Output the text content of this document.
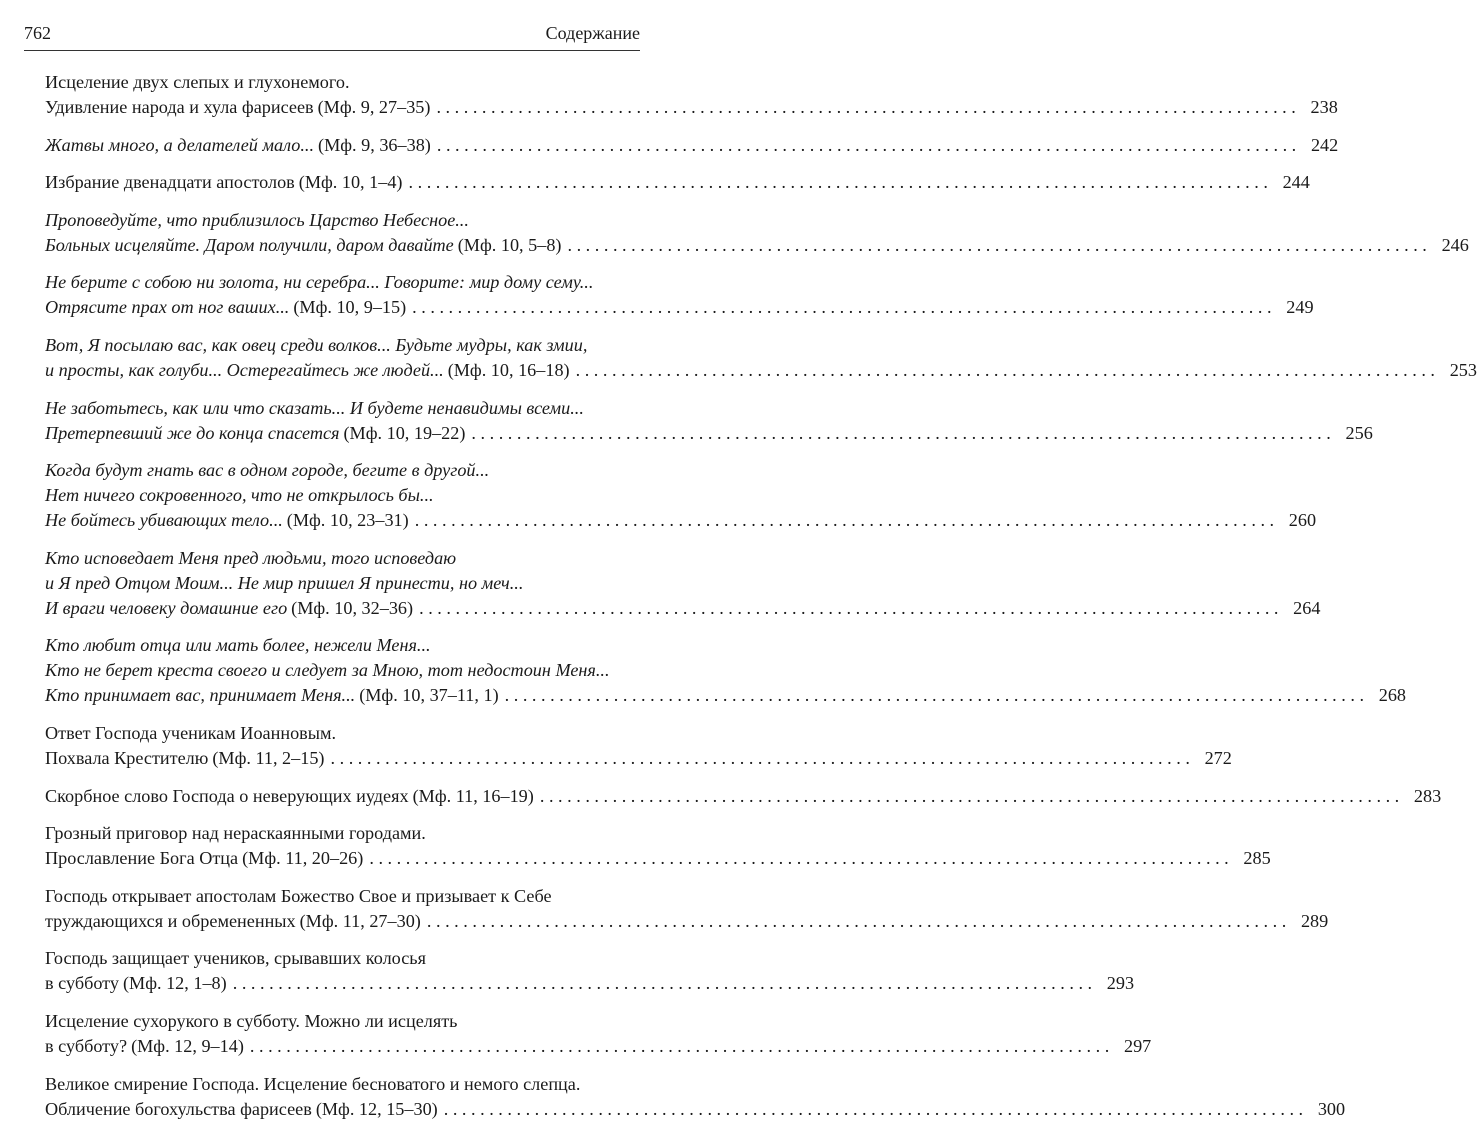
762	Содержание
Исцеление двух слепых и глухонемого.
Удивление народа и хула фарисеев (Мф. 9, 27–35) . . .	238
Жатвы много, а делателей мало... (Мф. 9, 36–38) . . .	242
Избрание двенадцати апостолов (Мф. 10, 1–4) . . .	244
Проповедуйте, что приблизилось Царство Небесное...
Больных исцеляйте. Даром получили, даром давайте (Мф. 10, 5–8) . . .	246
Не берите с собою ни золота, ни серебра... Говорите: мир дому сему...
Отрясите прах от ног ваших... (Мф. 10, 9–15) . . .	249
Вот, Я посылаю вас, как овец среди волков... Будьте мудры, как змии,
и просты, как голуби... Остерегайтесь же людей... (Мф. 10, 16–18) . . .	253
Не заботьтесь, как или что сказать... И будете ненавидимы всеми...
Претерпевший же до конца спасется (Мф. 10, 19–22) . . .	256
Когда будут гнать вас в одном городе, бегите в другой...
Нет ничего сокровенного, что не открылось бы...
Не бойтесь убивающих тело... (Мф. 10, 23–31) . . .	260
Кто исповедает Меня пред людьми, того исповедаю
и Я пред Отцом Моим... Не мир пришел Я принести, но меч...
И враги человеку домашние его (Мф. 10, 32–36) . . .	264
Кто любит отца или мать более, нежели Меня...
Кто не берет креста своего и следует за Мною, тот недостоин Меня...
Кто принимает вас, принимает Меня... (Мф. 10, 37–11, 1) . . .	268
Ответ Господа ученикам Иоанновым.
Похвала Крестителю (Мф. 11, 2–15) . . .	272
Скорбное слово Господа о неверующих иудеях (Мф. 11, 16–19) . . .	283
Грозный приговор над нераскаянными городами.
Прославление Бога Отца (Мф. 11, 20–26) . . .	285
Господь открывает апостолам Божество Свое и призывает к Себе
труждающихся и обремененных (Мф. 11, 27–30) . . .	289
Господь защищает учеников, срывавших колосья
в субботу (Мф. 12, 1–8) . . .	293
Исцеление сухорукого в субботу. Можно ли исцелять
в субботу? (Мф. 12, 9–14) . . .	297
Великое смирение Господа. Исцеление бесноватого и немого слепца.
Обличение богохульства фарисеев (Мф. 12, 15–30) . . .	300
